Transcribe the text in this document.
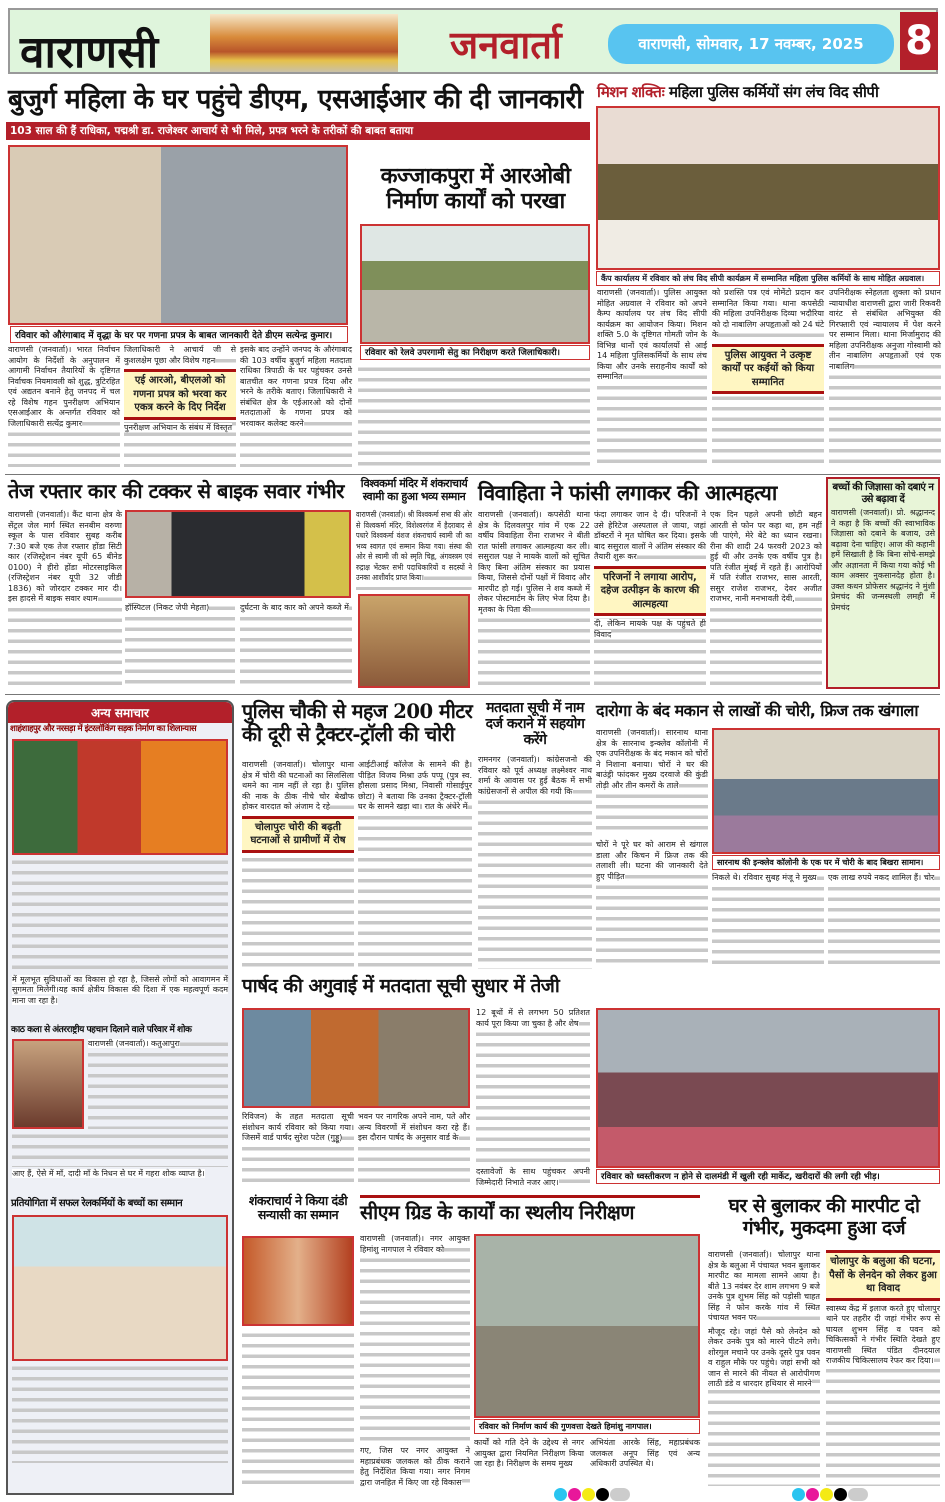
वाराणसी	जनवार्ता	वाराणसी, सोमवार, 17 नवम्बर, 2025	8
बुजुर्ग महिला के घर पहुंचे डीएम, एसआईआर की दी जानकारी
103 साल की हैं राधिका, पद्मश्री डा. राजेश्वर आचार्य से भी मिले, प्रपत्र भरने के तरीकों की बाबत बताया
रविवार को औरंगाबाद में वृद्धा के घर पर गणना प्रपत्र के बाबत जानकारी देते डीएम सत्येन्द्र कुमार।
वाराणसी (जनवार्ता)। भारत निर्वाचन आयोग के निर्देशों के अनुपालन में आगामी निर्वाचन तैयारियों के दृष्टिगत निर्वाचक नियमावली को शुद्ध, त्रुटिरहित एवं अद्यतन बनाने हेतु जनपद में चल रहे विशेष गहन पुनरीक्षण अभियान एसआईआर के अन्तर्गत रविवार को जिलाधिकारी सत्येंद्र कुमार
जिलाधिकारी ने आचार्य जी से कुशलक्षेम पूछा और विशेष गहन
एई आरओ, बीएलओ को गणना प्रपत्र को भरवा कर एकत्र करने के दिए निर्देश
पुनरीक्षण अभियान के संबंध में विस्तृत
इसके बाद उन्होंने जनपद के औरंगाबाद की 103 वर्षीय बुजुर्ग महिला मतदाता राधिका त्रिपाठी के घर पहुंचकर उनसे बातचीत कर गणना प्रपत्र दिया और भरने के तरीके बताए। जिलाधिकारी ने संबंधित क्षेत्र के एईआरओ को दोनों मतदाताओं के गणना प्रपत्र को भरवाकर कलेक्ट करने
कज्जाकपुरा में आरओबी निर्माण कार्यों को परखा
रविवार को रेलवे उपरगामी सेतु का निरीक्षण करते जिलाधिकारी।
मिशन शक्तिः महिला पुलिस कर्मियों संग लंच विद सीपी
कैंप कार्यालय में रविवार को लंच विद सीपी कार्यक्रम में सम्मानित महिला पुलिस कर्मियों के साथ मोहित अग्रवाल।
वाराणसी (जनवार्ता)। पुलिस आयुक्त मोहित अग्रवाल ने रविवार को अपने कैम्प कार्यालय पर लंच विद सीपी कार्यक्रम का आयोजन किया। मिशन शक्ति 5.0 के दृष्टिगत गोमती जोन के विभिन्न थानों एवं कार्यालयों से आई 14 महिला पुलिसकर्मियों के साथ लंच किया और उनके सराहनीय कार्यों को सम्मानित
को प्रशस्ति पत्र एवं मोमेंटो प्रदान कर सम्मानित किया गया। थाना कपसेठी की महिला उपनिरीक्षक दिव्या भदौरिया को दो नाबालिग अपहृताओं को 24 घंटे के
पुलिस आयुक्त ने उत्कृष्ट कार्यों पर कईयों को किया सम्मानित
उपनिरीक्षक स्नेहलता शुक्ला को प्रधान न्यायाधीश वाराणसी द्वारा जारी रिकवरी वारंट से संबंधित अभियुक्त की गिरफ्तारी एवं न्यायालय में पेश करने पर सम्मान मिला। थाना मिर्जामुराद की महिला उपनिरीक्षक अनुजा गोस्वामी को तीन नाबालिग अपहृताओं एवं एक नाबालिग
तेज रफ्तार कार की टक्कर से बाइक सवार गंभीर
वाराणसी (जनवार्ता)। कैंट थाना क्षेत्र के सेंट्रल जेल मार्ग स्थित सनबीम वरुणा स्कूल के पास रविवार सुबह करीब 7:30 बजे एक तेज रफ्तार होंडा सिटी कार (रजिस्ट्रेशन नंबर यूपी 65 बीनेड 0100) ने हीरो होंडा मोटरसाइकिल (रजिस्ट्रेशन नंबर यूपी 32 जीडी 1836) को जोरदार टक्कर मार दी। इस हादसे में बाइक सवार श्याम
हॉस्पिटल (निकट जेपी मेहता)	दुर्घटना के बाद कार को अपने कब्जे में
विश्वकर्मा मंदिर में शंकराचार्य स्वामी का हुआ भव्य सम्मान
वाराणसी (जनवार्ता)। श्री विश्वकर्मा सभा की ओर से विश्वकर्मा मंदिर, विशेश्वरगंज में हैदराबाद से पधारे विश्वकर्मा वंशज शंकराचार्य स्वामी जी का भव्य स्वागत एवं सम्मान किया गया। संस्था की ओर से स्वामी जी को स्मृति चिह्न, अंगवस्त्रम एवं रुद्राक्ष भेंटकर सभी पदाधिकारियों व सदस्यों ने उनका आशीर्वाद प्राप्त किया।
विवाहिता ने फांसी लगाकर की आत्महत्या
वाराणसी (जनवार्ता)। कपसेठी थाना क्षेत्र के दिलवलपुर गांव में एक 22 वर्षीय विवाहिता रीना राजभर ने बीती रात फांसी लगाकर आत्महत्या कर ली। ससुराल पक्ष ने मायके वालों को सूचित किए बिना अंतिम संस्कार का प्रयास किया, जिससे दोनों पक्षों में विवाद और मारपीट हो गई। पुलिस ने शव कब्जे में लेकर पोस्टमार्टम के लिए भेज दिया है। मृतका के पिता की
फंदा लगाकर जान दे दी। परिजनों ने उसे हेरिटेज अस्पताल ले जाया, जहां डॉक्टरों ने मृत घोषित कर दिया। इसके बाद ससुराल वालों ने अंतिम संस्कार की तैयारी शुरू कर
परिजनों ने लगाया आरोप, दहेज उत्पीड़न के कारण की आत्महत्या
दी, लेकिन मायके पक्ष के पहुंचते ही विवाद
एक दिन पहले अपनी छोटी बहन आरती से फोन पर कहा था, हम नहीं जी पाएंगे, मेरे बेटे का ध्यान रखना। रीना की शादी 24 फरवरी 2023 को हुई थी और उनके एक वर्षीय पुत्र है। पति रंजीत मुंबई में रहते हैं। आरोपियों में पति रंजीत राजभर, सास आरती, ससुर राजेश राजभर, देवर अजीत राजभर, नानी मनभावती देवी,
बच्चों की जिज्ञासा को दबाएं न उसे बढ़ावा दें
वाराणसी (जनवार्ता)। प्रो. श्रद्धानन्द ने कहा है कि बच्चों की स्वाभाविक जिज्ञासा को दबाने के बजाय, उसे बढ़ावा देना चाहिए। आज की कहानी हमें सिखाती है कि बिना सोचे-समझे और अज्ञानता में किया गया कोई भी काम अक्सर नुकसानदेह होता है। उक्त कथन प्रोफेसर श्रद्धानंद ने मुंशी प्रेमचंद की जन्मस्थली लमही में प्रेमचंद
अन्य समाचार
शाहंशाहपुर और नरसड़ा में इंटरलॉकिंग सड़क निर्माण का शिलान्यास
में मूलभूत सुविधाओं का विकास हो रहा है, जिससे लोगों को आवागमन में सुगमता मिलेगी।यह कार्य क्षेत्रीय विकास की दिशा में एक महत्वपूर्ण कदम माना जा रहा है।
काठ कला से अंतरराष्ट्रीय पहचान दिलाने वाले परिवार में शोक
वाराणसी (जनवार्ता)। कतुआपुरा
आए हैं, ऐसे में माँ, दादी माँ के निधन से घर में गहरा शोक व्याप्त है।
प्रतियोगिता में सफल रेलकर्मियों के बच्चों का सम्मान
पुलिस चौकी से महज 200 मीटर की दूरी से ट्रैक्टर-ट्रॉली की चोरी
वाराणसी (जनवार्ता)। चोलापुर थाना क्षेत्र में चोरी की घटनाओं का सिलसिला थमने का नाम नहीं ले रहा है। पुलिस की नाक के ठीक नीचे चोर बेखौफ होकर वारदात को अंजाम दे रहे
चोलापुरः चोरी की बढ़ती घटनाओं से ग्रामीणों में रोष
आईटीआई कॉलेज के सामने की है। पीड़ित विजय मिश्रा उर्फ पप्पू (पुत्र स्व. हौसला प्रसाद मिश्रा, निवासी गोसाईपुर छोटा) ने बताया कि उनका ट्रैक्टर-ट्रॉली घर के सामने खड़ा था। रात के अंधेरे में
मतदाता सूची में नाम दर्ज कराने में सहयोग करेंगे
रामनगर (जनवार्ता)। कांग्रेसजनो की रविवार को पूर्व अध्यक्ष लक्ष्मेश्वर नाथ शर्मा के आवास पर हुई बैठक में सभी कांग्रेसजनों से अपील की गयी कि
दारोगा के बंद मकान से लाखों की चोरी, फ्रिज तक खंगाला
वाराणसी (जनवार्ता)। सारनाथ थाना क्षेत्र के सारनाथ इन्क्लेव कॉलोनी में एक उपनिरीक्षक के बंद मकान को चोरों ने निशाना बनाया। चोरों ने घर की बाउंड्री फांदकर मुख्य दरवाजे की कुंडी तोड़ी और तीन कमरों के ताले
सारनाथ की इन्क्लेव कॉलोनी के एक घर में चोरी के बाद बिखरा सामान।
चोरों ने पूरे घर को आराम से खंगाल डाला और किचन में फ्रिज तक की तलाशी ली। घटना की जानकारी देते हुए पीड़ित	निकले थे। रविवार सुबह मंजू ने मुख्य	एक लाख रुपये नकद शामिल हैं। चोर
पार्षद की अगुवाई में मतदाता सूची सुधार में तेजी
12 बूथों में से लगभग 50 प्रतिशत कार्य पूरा किया जा चुका है और शेष
दस्तावेजों के साथ पहुंचकर अपनी जिम्मेदारी निभाते नजर आए।
रिविजन) के तहत मतदाता सूची संशोधन कार्य रविवार को किया गया। जिसमें वार्ड पार्षद सुरेश पटेल (गुड्डू)
भवन पर नागरिक अपने नाम, पते और अन्य विवरणों में संशोधन करा रहे हैं। इस दौरान पार्षद के अनुसार वार्ड के
रविवार को ध्वस्तीकरण न होने से दालमंडी में खुली रही मार्केट, खरीदारों की लगी रही भीड़।
शंकराचार्य ने किया दंडी सन्यासी का सम्मान	सीएम ग्रिड के कार्यों का स्थलीय निरीक्षण
वाराणसी (जनवार्ता)। नगर आयुक्त हिमांशु नागपाल ने रविवार को
गए, जिस पर नगर आयुक्त ने महाप्रबंधक जलकल को ठीक कराने हेतु निर्देशित किया गया। नगर निगम द्वारा जनहित में किए जा रहे विकास
रविवार को निर्माण कार्य की गुणवत्ता देखते हिमांशु नागपाल।
कार्यों को गति देने के उद्देश्य से नगर आयुक्त द्वारा नियमित निरीक्षण किया जा रहा है। निरीक्षण के समय मुख्य
अभियंता आरके सिंह, महाप्रबंधक जलकल अनूप सिंह एवं अन्य अधिकारी उपस्थित थे।
घर से बुलाकर की मारपीट दो गंभीर, मुकदमा हुआ दर्ज
वाराणसी (जनवार्ता)। चोलापुर थाना क्षेत्र के बलुआ में पंचायत भवन बुलाकर मारपीट का मामला सामने आया है। बीते 13 नवंबर देर शाम लगभग 9 बजे उनके पुत्र शुभम सिंह को पड़ोसी चाहत सिंह ने फोन करके गांव में स्थित पंचायत भवन पर
मौजूद रहे। जहां पैसे को लेनदेन को लेकर उनके पुत्र को मारने पीटने लगे। शोरगुल मचाने पर उनके दूसरे पुत्र पवन व राहुल मौके पर पहुंचे। जहां सभी को जान से मारने की नीयत से आरोपीगण लाठी डंडे व धारदार हथियार से मारने
चोलापुर के बलुआ की घटना, पैसों के लेनदेन को लेकर हुआ था विवाद
स्वास्थ्य केंद्र में इलाज करते हुए चोलापुर थाने पर तहरीर दी जहां गंभीर रूप से घायल शुभम सिंह व पवन को चिकित्सकों ने गंभीर स्थिति देखते हुए वाराणसी स्थित पंडित दीनदयाल राजकीय चिकित्सालय रेफर कर दिया।
